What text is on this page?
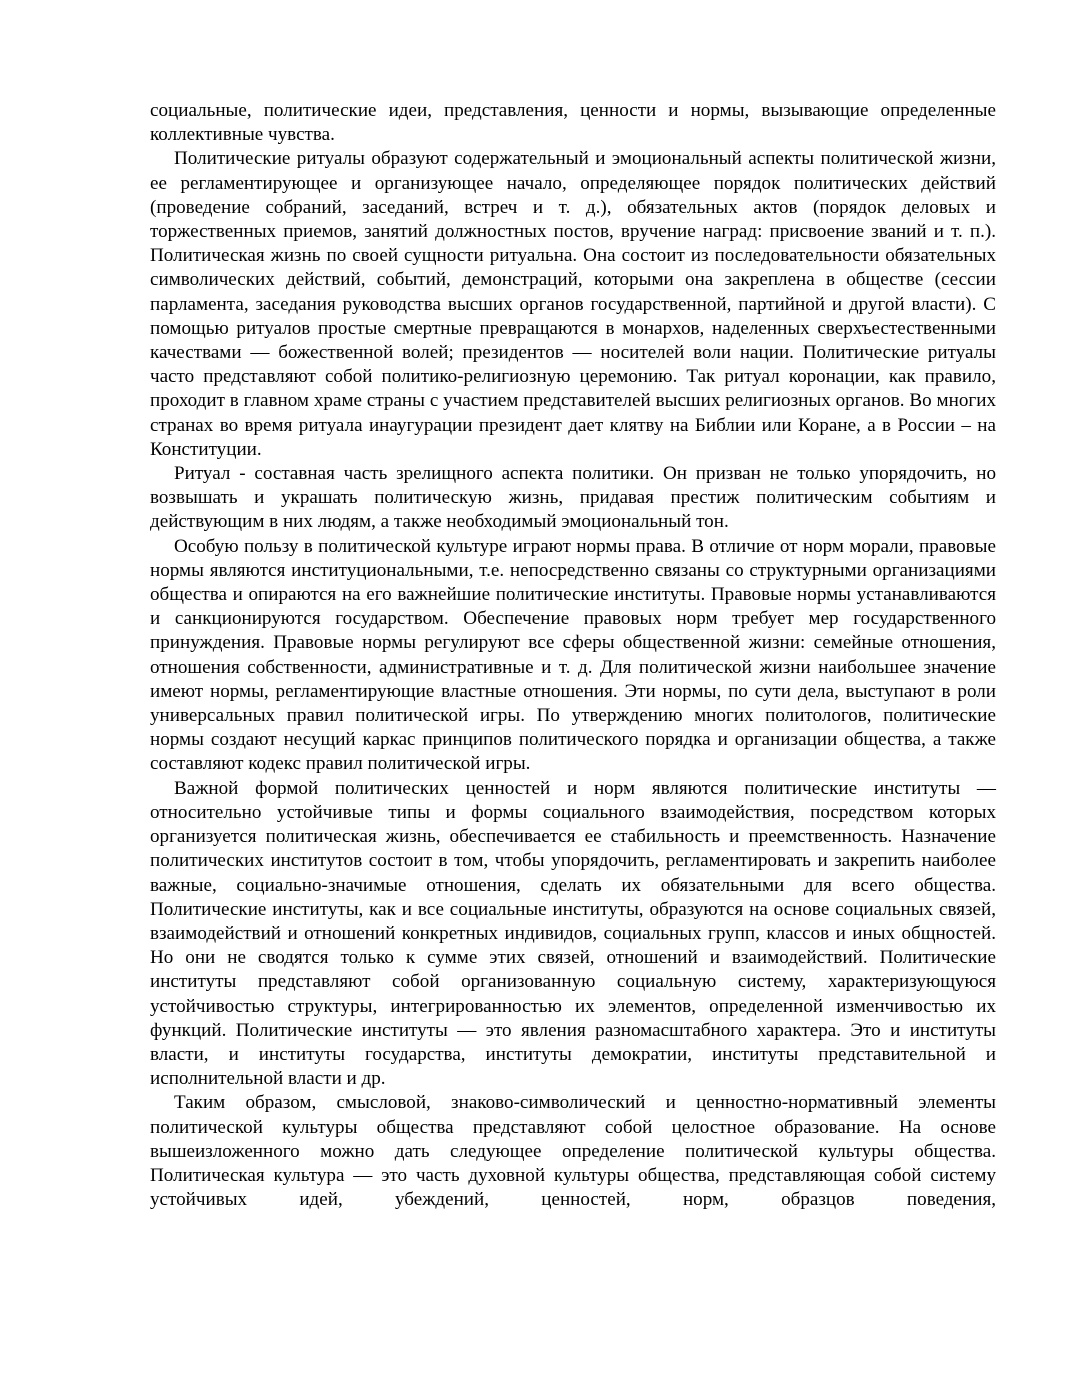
социальные, политические идеи, представления, ценности и нормы, вызывающие определенные коллективные чувства.

Политические ритуалы образуют содержательный и эмоциональный аспекты политической жизни, ее регламентирующее и организующее начало, определяющее порядок политических действий (проведение собраний, заседаний, встреч и т. д.), обязательных актов (порядок деловых и торжественных приемов, занятий должностных постов, вручение наград: присвоение званий и т. п.). Политическая жизнь по своей сущности ритуальна. Она состоит из последовательности обязательных символических действий, событий, демонстраций, которыми она закреплена в обществе (сессии парламента, заседания руководства высших органов государственной, партийной и другой власти). С помощью ритуалов простые смертные превращаются в монархов, наделенных сверхъестественными качествами — божественной волей; президентов — носителей воли нации. Политические ритуалы часто представляют собой политико-религиозную церемонию. Так ритуал коронации, как правило, проходит в главном храме страны с участием представителей высших религиозных органов. Во многих странах во время ритуала инаугурации президент дает клятву на Библии или Коране, а в России – на Конституции.

Ритуал - составная часть зрелищного аспекта политики. Он призван не только упорядочить, но возвышать и украшать политическую жизнь, придавая престиж политическим событиям и действующим в них людям, а также необходимый эмоциональный тон.

Особую пользу в политической культуре играют нормы права. В отличие от норм морали, правовые нормы являются институциональными, т.е. непосредственно связаны со структурными организациями общества и опираются на его важнейшие политические институты. Правовые нормы устанавливаются и санкционируются государством. Обеспечение правовых норм требует мер государственного принуждения. Правовые нормы регулируют все сферы общественной жизни: семейные отношения, отношения собственности, административные и т. д. Для политической жизни наибольшее значение имеют нормы, регламентирующие властные отношения. Эти нормы, по сути дела, выступают в роли универсальных правил политической игры. По утверждению многих политологов, политические нормы создают несущий каркас принципов политического порядка и организации общества, а также составляют кодекс правил политической игры.

Важной формой политических ценностей и норм являются политические институты — относительно устойчивые типы и формы социального взаимодействия, посредством которых организуется политическая жизнь, обеспечивается ее стабильность и преемственность. Назначение политических институтов состоит в том, чтобы упорядочить, регламентировать и закрепить наиболее важные, социально-значимые отношения, сделать их обязательными для всего общества. Политические институты, как и все социальные институты, образуются на основе социальных связей, взаимодействий и отношений конкретных индивидов, социальных групп, классов и иных общностей. Но они не сводятся только к сумме этих связей, отношений и взаимодействий. Политические институты представляют собой организованную социальную систему, характеризующуюся устойчивостью структуры, интегрированностью их элементов, определенной изменчивостью их функций. Политические институты — это явления разномасштабного характера. Это и институты власти, и институты государства, институты демократии, институты представительной и исполнительной власти и др.

Таким образом, смысловой, знаково-символический и ценностно-нормативный элементы политической культуры общества представляют собой целостное образование. На основе вышеизложенного можно дать следующее определение политической культуры общества. Политическая культура — это часть духовной культуры общества, представляющая собой систему устойчивых идей, убеждений, ценностей, норм, образцов поведения,
